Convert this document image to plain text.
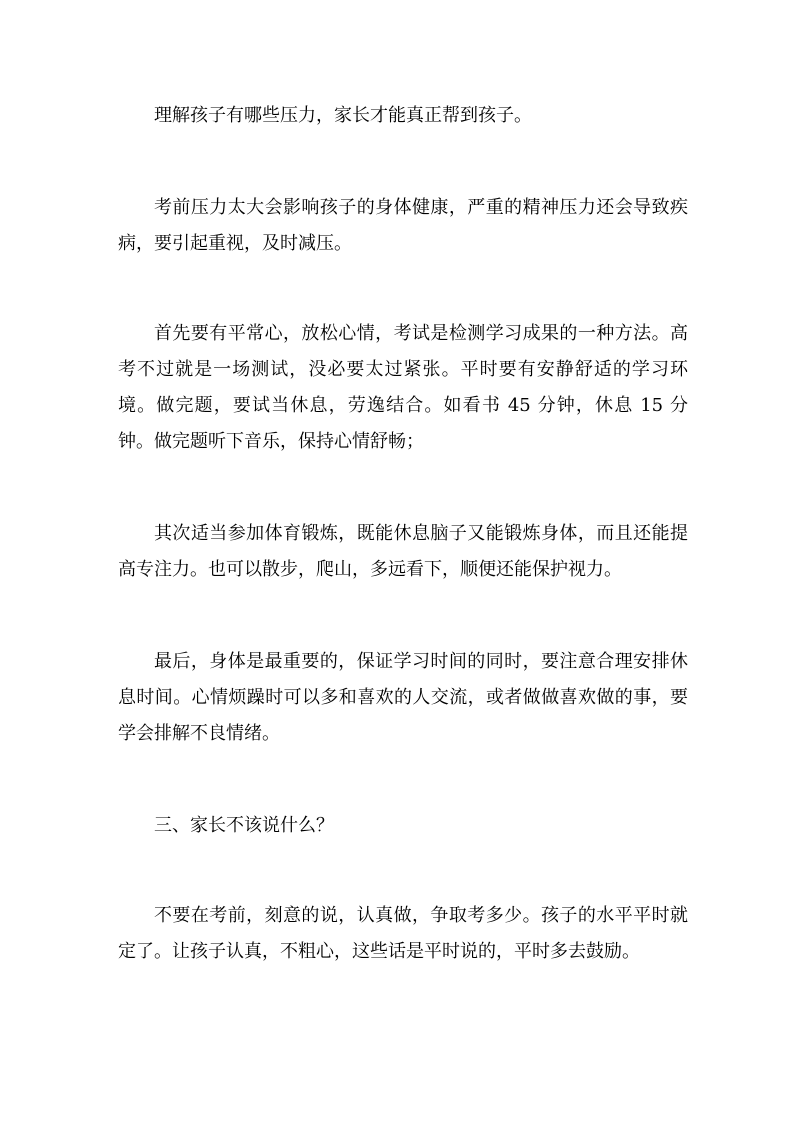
理解孩子有哪些压力，家长才能真正帮到孩子。

考前压力太大会影响孩子的身体健康，严重的精神压力还会导致疾病，要引起重视，及时减压。

首先要有平常心，放松心情，考试是检测学习成果的一种方法。高考不过就是一场测试，没必要太过紧张。平时要有安静舒适的学习环境。做完题，要试当休息，劳逸结合。如看书 45 分钟，休息 15 分钟。做完题听下音乐，保持心情舒畅；

其次适当参加体育锻炼，既能休息脑子又能锻炼身体，而且还能提高专注力。也可以散步，爬山，多远看下，顺便还能保护视力。

最后，身体是最重要的，保证学习时间的同时，要注意合理安排休息时间。心情烦躁时可以多和喜欢的人交流，或者做做喜欢做的事，要学会排解不良情绪。

三、家长不该说什么？

不要在考前，刻意的说，认真做，争取考多少。孩子的水平平时就定了。让孩子认真，不粗心，这些话是平时说的，平时多去鼓励。
